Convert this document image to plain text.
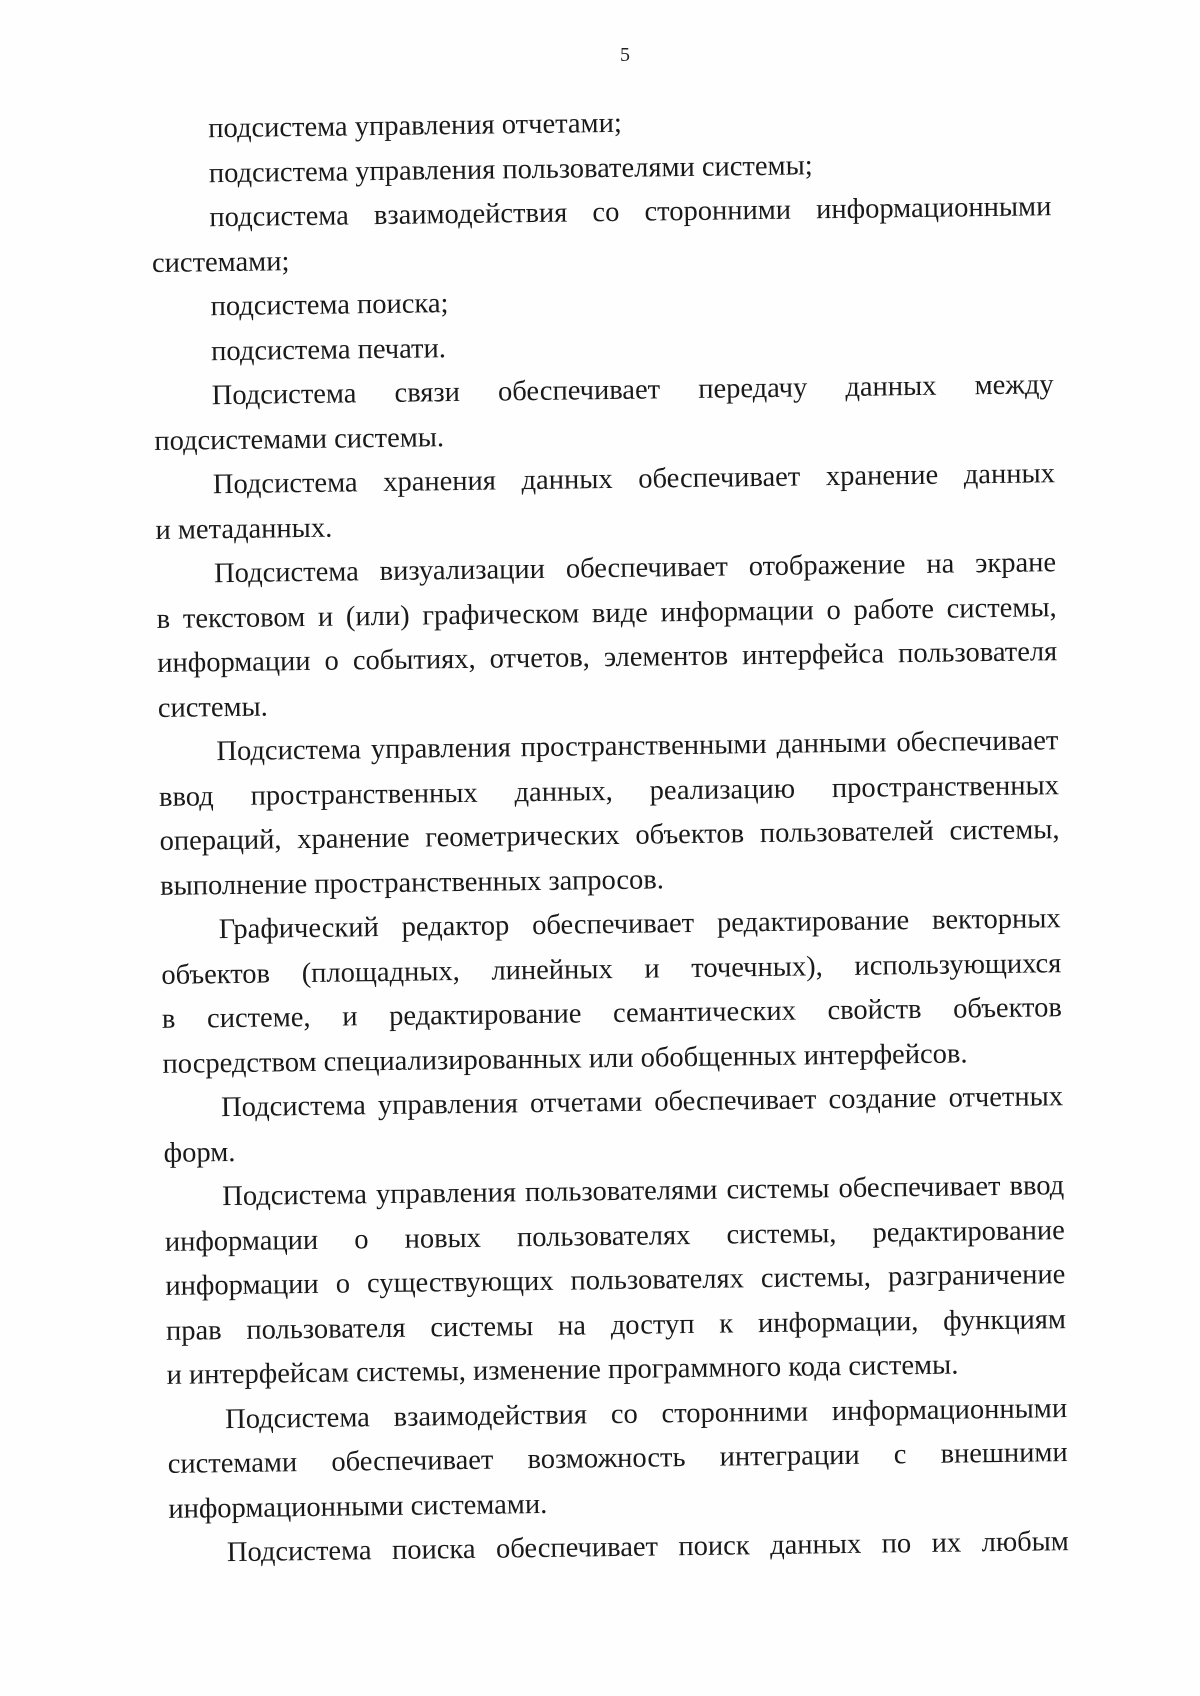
5
подсистема управления отчетами;
подсистема управления пользователями системы;
подсистема взаимодействия со сторонними информационными
системами;
подсистема поиска;
подсистема печати.
Подсистема связи обеспечивает передачу данных между
подсистемами системы.
Подсистема хранения данных обеспечивает хранение данных
и метаданных.
Подсистема визуализации обеспечивает отображение на экране
в текстовом и (или) графическом виде информации о работе системы,
информации о событиях, отчетов, элементов интерфейса пользователя
системы.
Подсистема управления пространственными данными обеспечивает
ввод пространственных данных, реализацию пространственных
операций, хранение геометрических объектов пользователей системы,
выполнение пространственных запросов.
Графический редактор обеспечивает редактирование векторных
объектов (площадных, линейных и точечных), использующихся
в системе, и редактирование семантических свойств объектов
посредством специализированных или обобщенных интерфейсов.
Подсистема управления отчетами обеспечивает создание отчетных
форм.
Подсистема управления пользователями системы обеспечивает ввод
информации о новых пользователях системы, редактирование
информации о существующих пользователях системы, разграничение
прав пользователя системы на доступ к информации, функциям
и интерфейсам системы, изменение программного кода системы.
Подсистема взаимодействия со сторонними информационными
системами обеспечивает возможность интеграции с внешними
информационными системами.
Подсистема поиска обеспечивает поиск данных по их любым
